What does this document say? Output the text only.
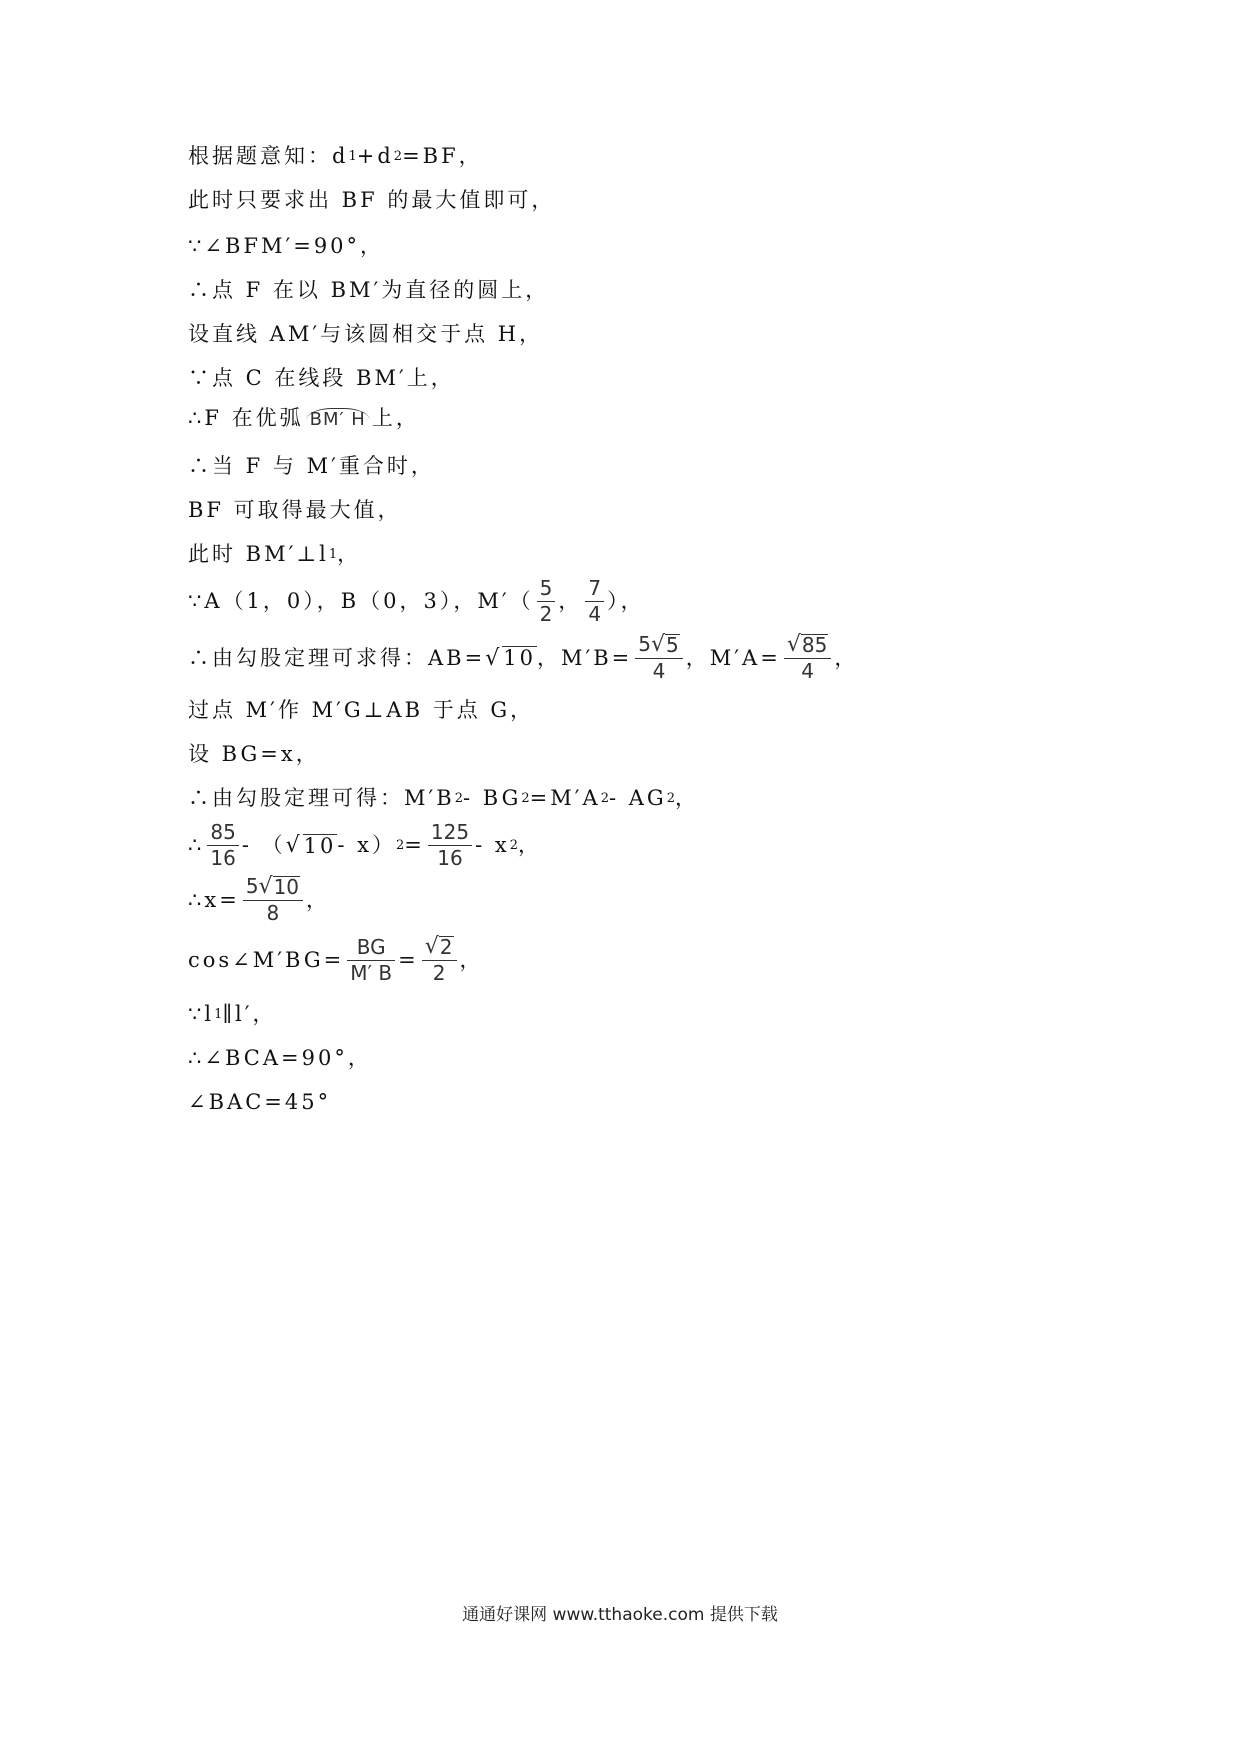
根据题意知：d 1 +d 2 =BF，
此时只要求出 BF 的最大值即可，
∵∠BFM′=90°，
∴点 F 在以 BM′为直径的圆上，
设直线 AM′与该圆相交于点 H，
∵点 C 在线段 BM′上，
∴F 在优弧 BM′ H 上，
∴当 F 与 M′重合时，
BF 可取得最大值，
此时 BM′⊥l 1 ，
∵A（1，0），B（0，3），$M'( \frac{5}{2}$ ， $\frac{7}{4}$ ），
∴由勾股定理可求得：AB= √ 10 ，$M'B= \frac{5 √ 5}{4}$ ，$M'A= \frac{√ 85}{4}$ ，
过点 M′作 M′G⊥AB 于点 G，
设 BG=x，
∴由勾股定理可得：M′B 2 - BG 2 =M′A 2 - AG 2 ，
∴ $\frac{85}{16}$ - （ √ 10 - x） $2 = \frac{125}{16} - x$ 2 ，
∴x= $\frac{5 √ 10}{8}$ ，
cos∠M′BG= $\frac{BG}{M' B} = \frac{√ 2}{2}$ ，
∵l 1 ∥l′，
∴∠BCA=90°，
∠BAC=45°
通通好课网 www.tthaoke.com 提供下载
